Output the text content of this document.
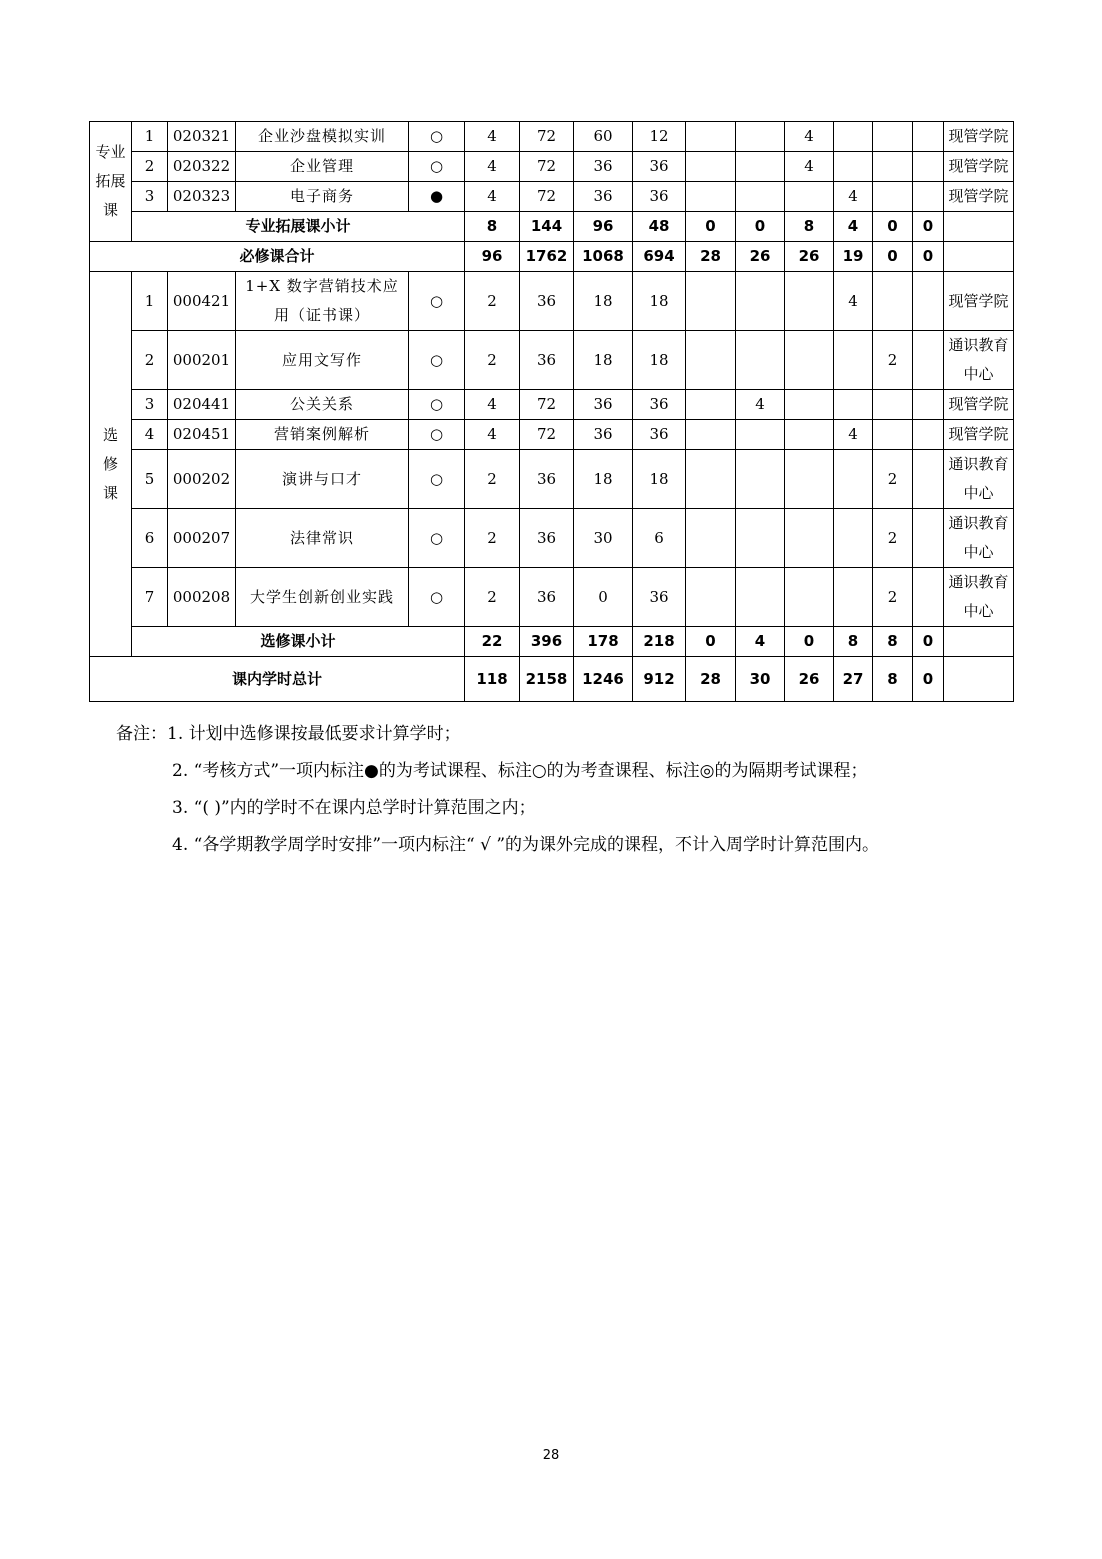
专业
拓展
课	1	020321	企业沙盘模拟实训	○	4	72	60	12			4				现管学院
	2	020322	企业管理	○	4	72	36	36			4				现管学院
	3	020323	电子商务	●	4	72	36	36				4			现管学院
	专业拓展课小计				8	144	96	48	0	0	8	4	0	0	
必修课合计					96	1762	1068	694	28	26	26	19	0	0	

选
修
课	1	000421	1+X 数字营销技术应
用（证书课）	○	2	36	18	18				4			现管学院

	2	000201	应用文写作	○	2	36	18	18					2		通识教育
中心

	3	020441	公关关系	○	4	72	36	36		4					现管学院

	4	020451	营销案例解析	○	4	72	36	36				4			现管学院

	5	000202	演讲与口才	○	2	36	18	18					2		通识教育
中心

	6	000207	法律常识	○	2	36	30	6					2		通识教育
中心

	7	000208	大学生创新创业实践	○	2	36	0	36					2		通识教育
中心

	选修课小计				22	396	178	218	0	4	0	8	8	0	
课内学时总计					118	2158	1246	912	28	30	26	27	8	0	
备注：1. 计划中选修课按最低要求计算学时；
2. “考核方式”一项内标注●的为考试课程、标注○的为考查课程、标注◎的为隔期考试课程；
3. “( )”内的学时不在课内总学时计算范围之内；
4. “各学期教学周学时安排”一项内标注“ √ ”的为课外完成的课程，不计入周学时计算范围内。
28
